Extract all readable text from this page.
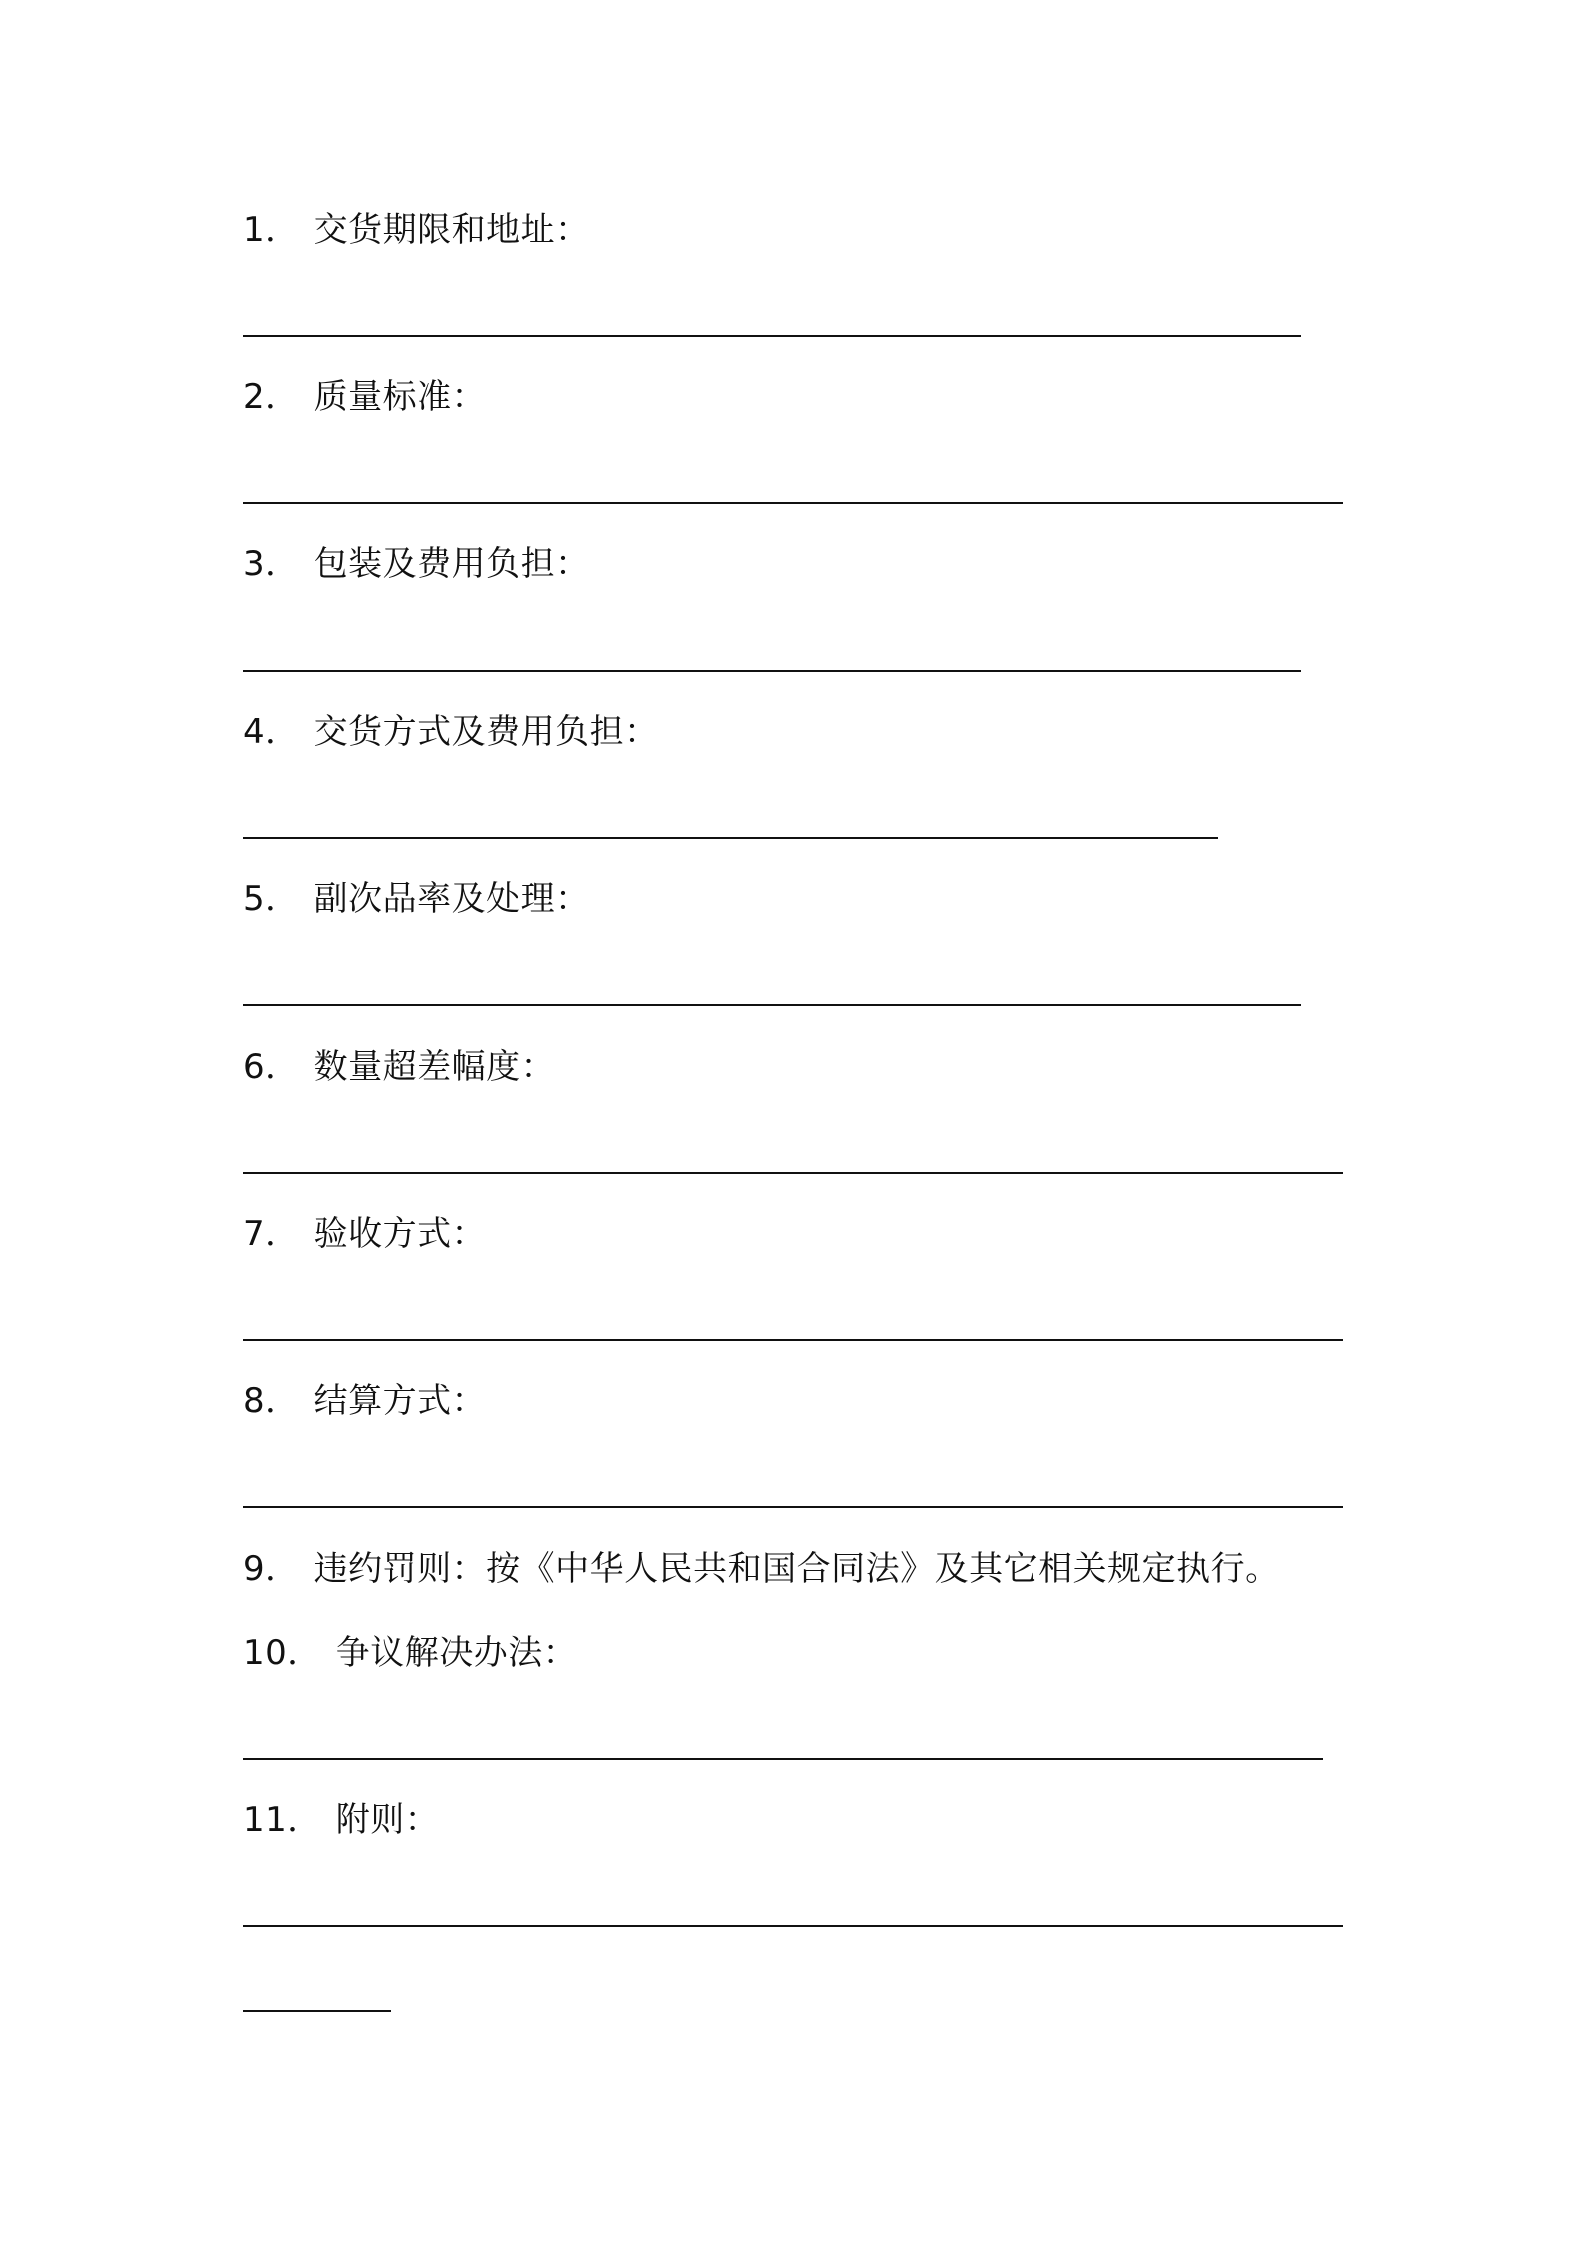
1． 交货期限和地址：
2． 质量标准：
3． 包装及费用负担：
4． 交货方式及费用负担：
5． 副次品率及处理：
6． 数量超差幅度：
7． 验收方式：
8． 结算方式：
9． 违约罚则：按《中华人民共和国合同法》及其它相关规定执行。
10． 争议解决办法：
11． 附则：
